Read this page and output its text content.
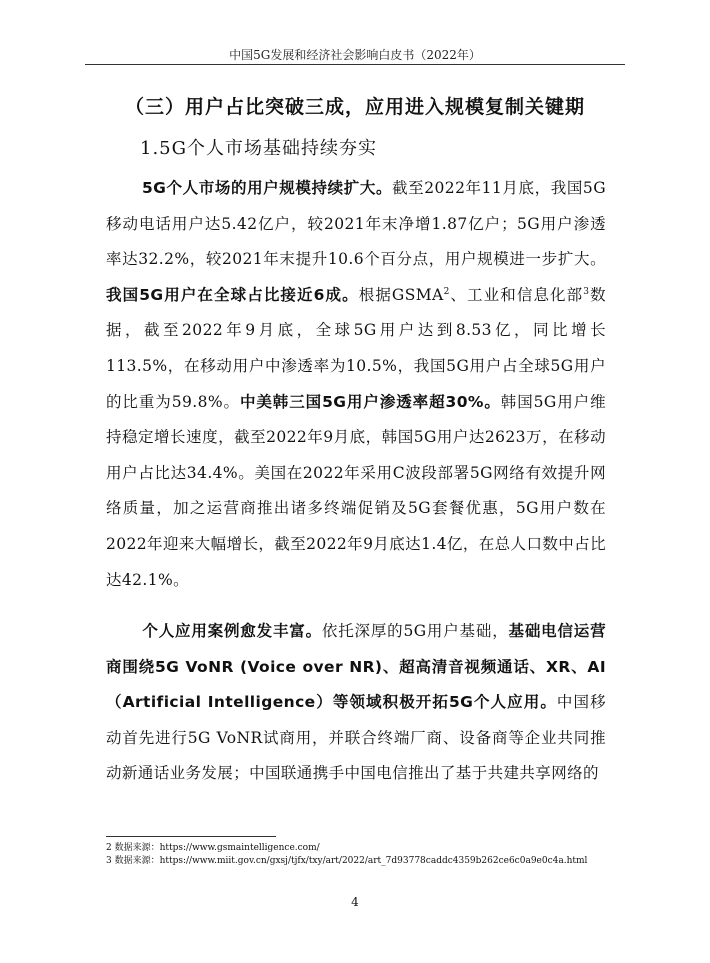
中国5G发展和经济社会影响白皮书（2022年）
（三）用户占比突破三成，应用进入规模复制关键期
1.5G个人市场基础持续夯实
5G个人市场的用户规模持续扩大。截至2022年11月底，我国5G移动电话用户达5.42亿户，较2021年末净增1.87亿户；5G用户渗透率达32.2%，较2021年末提升10.6个百分点，用户规模进一步扩大。我国5G用户在全球占比接近6成。根据GSMA$^2$、工业和信息化部$^3$数据，截至2022年9月底，全球5G用户达到8.53亿，同比增长113.5%，在移动用户中渗透率为10.5%，我国5G用户占全球5G用户的比重为59.8%。中美韩三国5G用户渗透率超30%。韩国5G用户维持稳定增长速度，截至2022年9月底，韩国5G用户达2623万，在移动用户占比达34.4%。美国在2022年采用C波段部署5G网络有效提升网络质量，加之运营商推出诸多终端促销及5G套餐优惠，5G用户数在2022年迎来大幅增长，截至2022年9月底达1.4亿，在总人口数中占比达42.1%。
个人应用案例愈发丰富。依托深厚的5G用户基础，基础电信运营商围绕5G VoNR (Voice over NR)、超高清音视频通话、XR、AI（Artificial Intelligence）等领域积极开拓5G个人应用。中国移动首先进行5G VoNR试商用，并联合终端厂商、设备商等企业共同推动新通话业务发展；中国联通携手中国电信推出了基于共建共享网络的
2 数据来源：https://www.gsmaintelligence.com/
3 数据来源：https://www.miit.gov.cn/gxsj/tjfx/txy/art/2022/art_7d93778caddc4359b262ce6c0a9e0c4a.html
4
